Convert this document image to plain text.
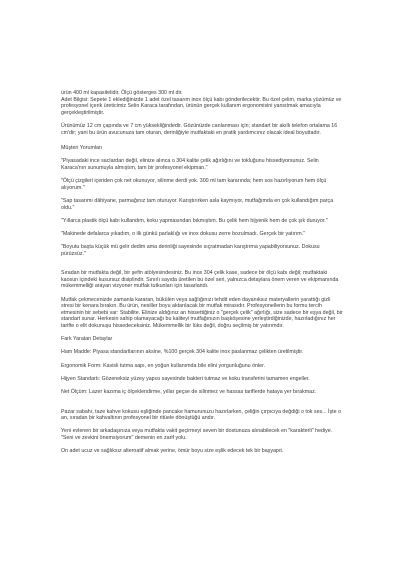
ürün 400 ml kapasitelidir. Ölçü gösterges 300 ml dir.

Adet Bilgisi: Sepete 1 eklediğinizde 1 adet özel tasarım inox ölçü kabı gönderilecektir. Bu özel çelim, marka yüzümüz ve profesyonel içerik üreticimiz Selin Karaca tarafından, ürünün gerçek kullanım ergonomisini yansıtmak amacıyla gerçekleştirilmiştir.

Ürünümüz 12 cm çapında ve 7 cm yüksekliğindedir. Gözünüzde canlanması için; standart bir akıllı telefon ortalama 16 cm'dir; yani bu ürün avucunuza tam oturan, derinliğiyle mutfaktaki en pratik yardımcınız olacak ideal boyuttadır.

Müşteri Yorumları

"Piyasadaki ince saclardan değil, elinize alınca o 304 kalite çelik ağırlığını ve tokluğunu hissediyorsunuz. Selin Karaca'nın sunumuyla almıştım, tam bir profesyonel ekipman."

"Ölçü çizgileri içeriden çok net okunuyor, silinme derdi yok. 300 ml tam kararında; hem sos hazırlıyorum hem ölçü alıyorum."

"Sap tasarımı dâhiyane, parmağınız tam oturuyor. Karıştırırken asla kaymıyor, mutfağımda en çok kullandığım parça oldu."

"Yıllarca plastik ölçü kabı kullandım, koku yapmasından bıkmıştım. Bu çelik hem hijyenik hem de çok şık duruyor."

"Makinede defalarca yıkadım, o ilk günkü parlaklığı ve inox dokusu zerre bozulmadı. Gerçek bir yatırım."

"Boyutu başta küçük mü gelir dedim ama derinliği sayesinde sıçratmadan karıştırma yapabiliyorsunuz. Dokusu pürüzsüz."

Sıradan bir mutfakta değil, bir şefin atölyesindesiniz. Bu inox 304 çelik kase, sadece bir ölçü kabı değil; mutfaktaki kaosun içindeki kusursuz disiplindir. Sınırlı sayıda üretilen bu özel seri, yalnızca detaylara önem veren ve ekipmanında mükemmelliği arayan vizyoner mutfak tutkunları için tasarlandı.

Mutfak çekmecenizde zamanla kararan, bükülen veya sağlığınızı tehdit eden dayanıksız materyallerin yarattığı gizli stresi bir kenara bırakın. Bu ürün, nesiller boyu aktarılacak bir mutfak mirasıdır. Profesyonellerin bu formu tercih etmesinin bir sebebi var: Stabilite. Elinize aldığınız an hissettiğiniz o "gerçek çelik" ağırlığı, size sadece bir eşya değil, bir standart sunar. Herkesin sahip olamayacağı bu kaliteyi mutfağınızın başköşesine yerleştirdiğinizde, hazırladığınız her tarifte o elit dokunuşu hissedeceksiniz. Mükemmellik bir lüks değil, doğru seçilmiş bir yatırımdır.

Fark Yaratan Detaylar

Ham Madde: Piyasa standartlarının aksine, %100 gerçek 304 kalite inox paslanmaz çelikten üretilmiştir.

Ergonomik Form: Kavisli tutma sapı, en yoğun kullanımda bile elini yorgunluğunu önler.

Hijyen Standartı: Gözeneksiz yüzey yapısı sayesinde bakteri tutmaz ve koku transferini tamamen engeller.

Net Ölçüm: Lazer kazıma iç ölçeklendirme, yıllar geçse de silinmez ve hassas tariflerde hataya yer bırakmaz.

Pazar sabahı, taze kahve kokusu eşliğinde pancake hamurunuzu hazırlarken, çeliğin çırpıcıya değdiği o tok ses... İşte o an, sıradan bir kahvaltının profesyonel bir ritüele dönüştüğü andır.

Yeni evlenen bir arkadaşınıza veya mutfakta vakit geçirmeyi seven bir dostunuza alınabilecek en "karakterli" hediye. "Seni ve zevkini önemsiyorum" demenin en zarif yolu.

On adet ucuz ve sağlıksız alternatif almak yerine, ömür boyu size eşlik edecek tek bir başyapıt.
